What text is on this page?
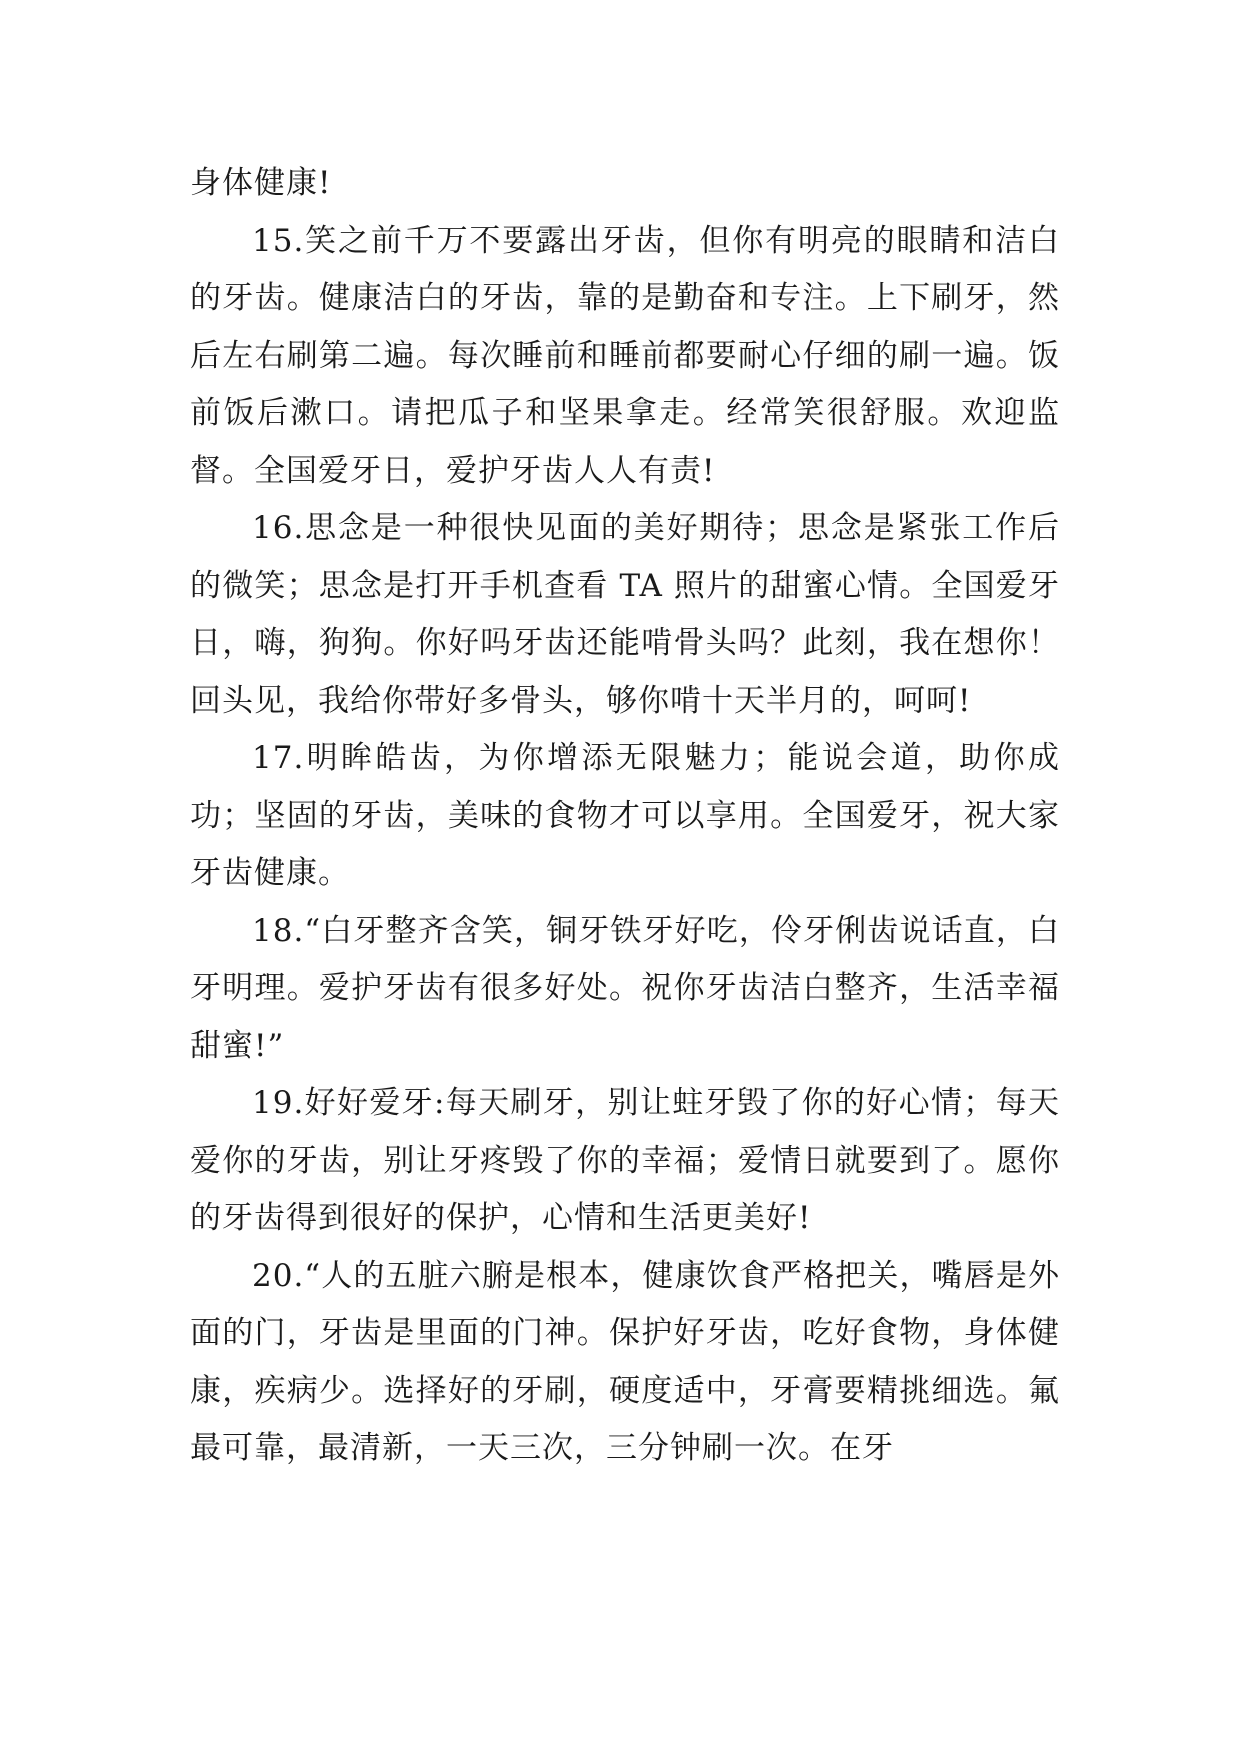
身体健康!

15.笑之前千万不要露出牙齿，但你有明亮的眼睛和洁白的牙齿。健康洁白的牙齿，靠的是勤奋和专注。上下刷牙，然后左右刷第二遍。每次睡前和睡前都要耐心仔细的刷一遍。饭前饭后漱口。请把瓜子和坚果拿走。经常笑很舒服。欢迎监督。全国爱牙日，爱护牙齿人人有责!

16.思念是一种很快见面的美好期待；思念是紧张工作后的微笑；思念是打开手机查看 TA 照片的甜蜜心情。全国爱牙日，嗨，狗狗。你好吗牙齿还能啃骨头吗？此刻，我在想你！回头见，我给你带好多骨头，够你啃十天半月的，呵呵!

17.明眸皓齿，为你增添无限魅力；能说会道，助你成功；坚固的牙齿，美味的食物才可以享用。全国爱牙，祝大家牙齿健康。

18.“白牙整齐含笑，铜牙铁牙好吃，伶牙俐齿说话直，白牙明理。爱护牙齿有很多好处。祝你牙齿洁白整齐，生活幸福甜蜜!”

19.好好爱牙:每天刷牙，别让蛀牙毁了你的好心情；每天爱你的牙齿，别让牙疼毁了你的幸福；爱情日就要到了。愿你的牙齿得到很好的保护，心情和生活更美好!

20.“人的五脏六腑是根本，健康饮食严格把关，嘴唇是外面的门，牙齿是里面的门神。保护好牙齿，吃好食物，身体健康，疾病少。选择好的牙刷，硬度适中，牙膏要精挑细选。氟最可靠，最清新，一天三次，三分钟刷一次。在牙
